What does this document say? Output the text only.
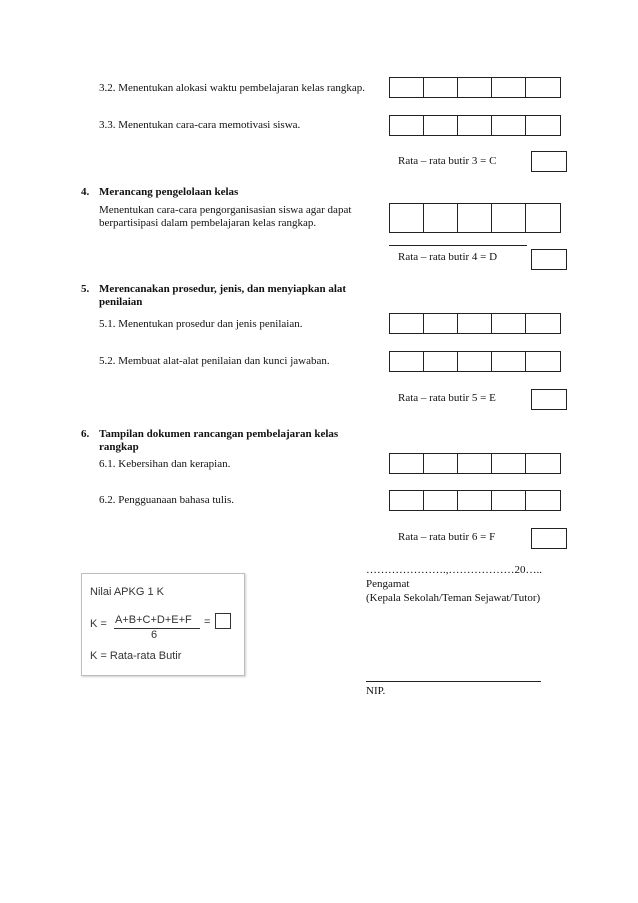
3.2. Menentukan alokasi waktu pembelajaran kelas rangkap.
3.3. Menentukan cara-cara memotivasi siswa.
Rata – rata butir 3 = C
4. Merancang pengelolaan kelas
Menentukan cara-cara pengorganisasian siswa agar dapat berpartisipasi dalam pembelajaran kelas rangkap.
Rata – rata butir 4 = D
5. Merencanakan prosedur, jenis, dan menyiapkan alat penilaian
5.1. Menentukan prosedur dan jenis penilaian.
5.2. Membuat alat-alat penilaian dan kunci jawaban.
Rata – rata butir 5 = E
6. Tampilan dokumen rancangan pembelajaran kelas rangkap
6.1. Kebersihan dan kerapian.
6.2. Pengguanaan bahasa tulis.
Rata – rata butir 6 = F
………………….,………………20…..
Pengamat
(Kepala Sekolah/Teman Sejawat/Tutor)
NIP.
Nilai APKG 1 K
K = A+B+C+D+E+F
6
=
K = Rata-rata Butir
